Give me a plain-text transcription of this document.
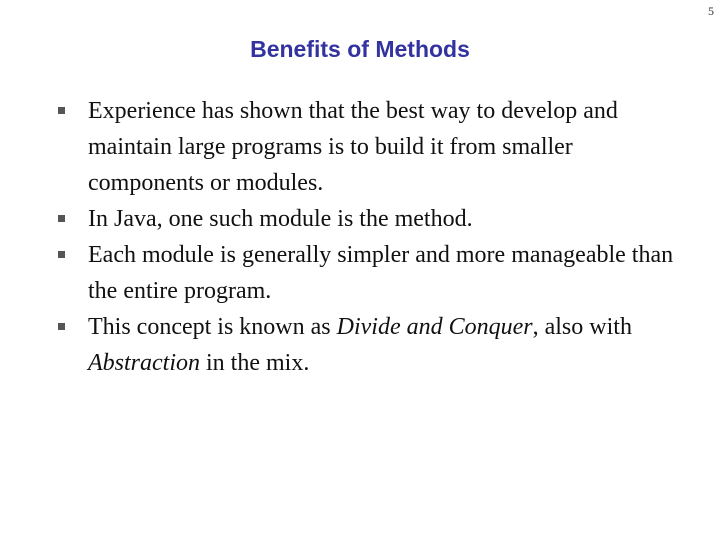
5
Benefits of Methods
Experience has shown that the best way to develop and maintain large programs is to build it from smaller components or modules.
In Java, one such module is the method.
Each module is generally simpler and more manageable than the entire program.
This concept is known as Divide and Conquer, also with Abstraction in the mix.
